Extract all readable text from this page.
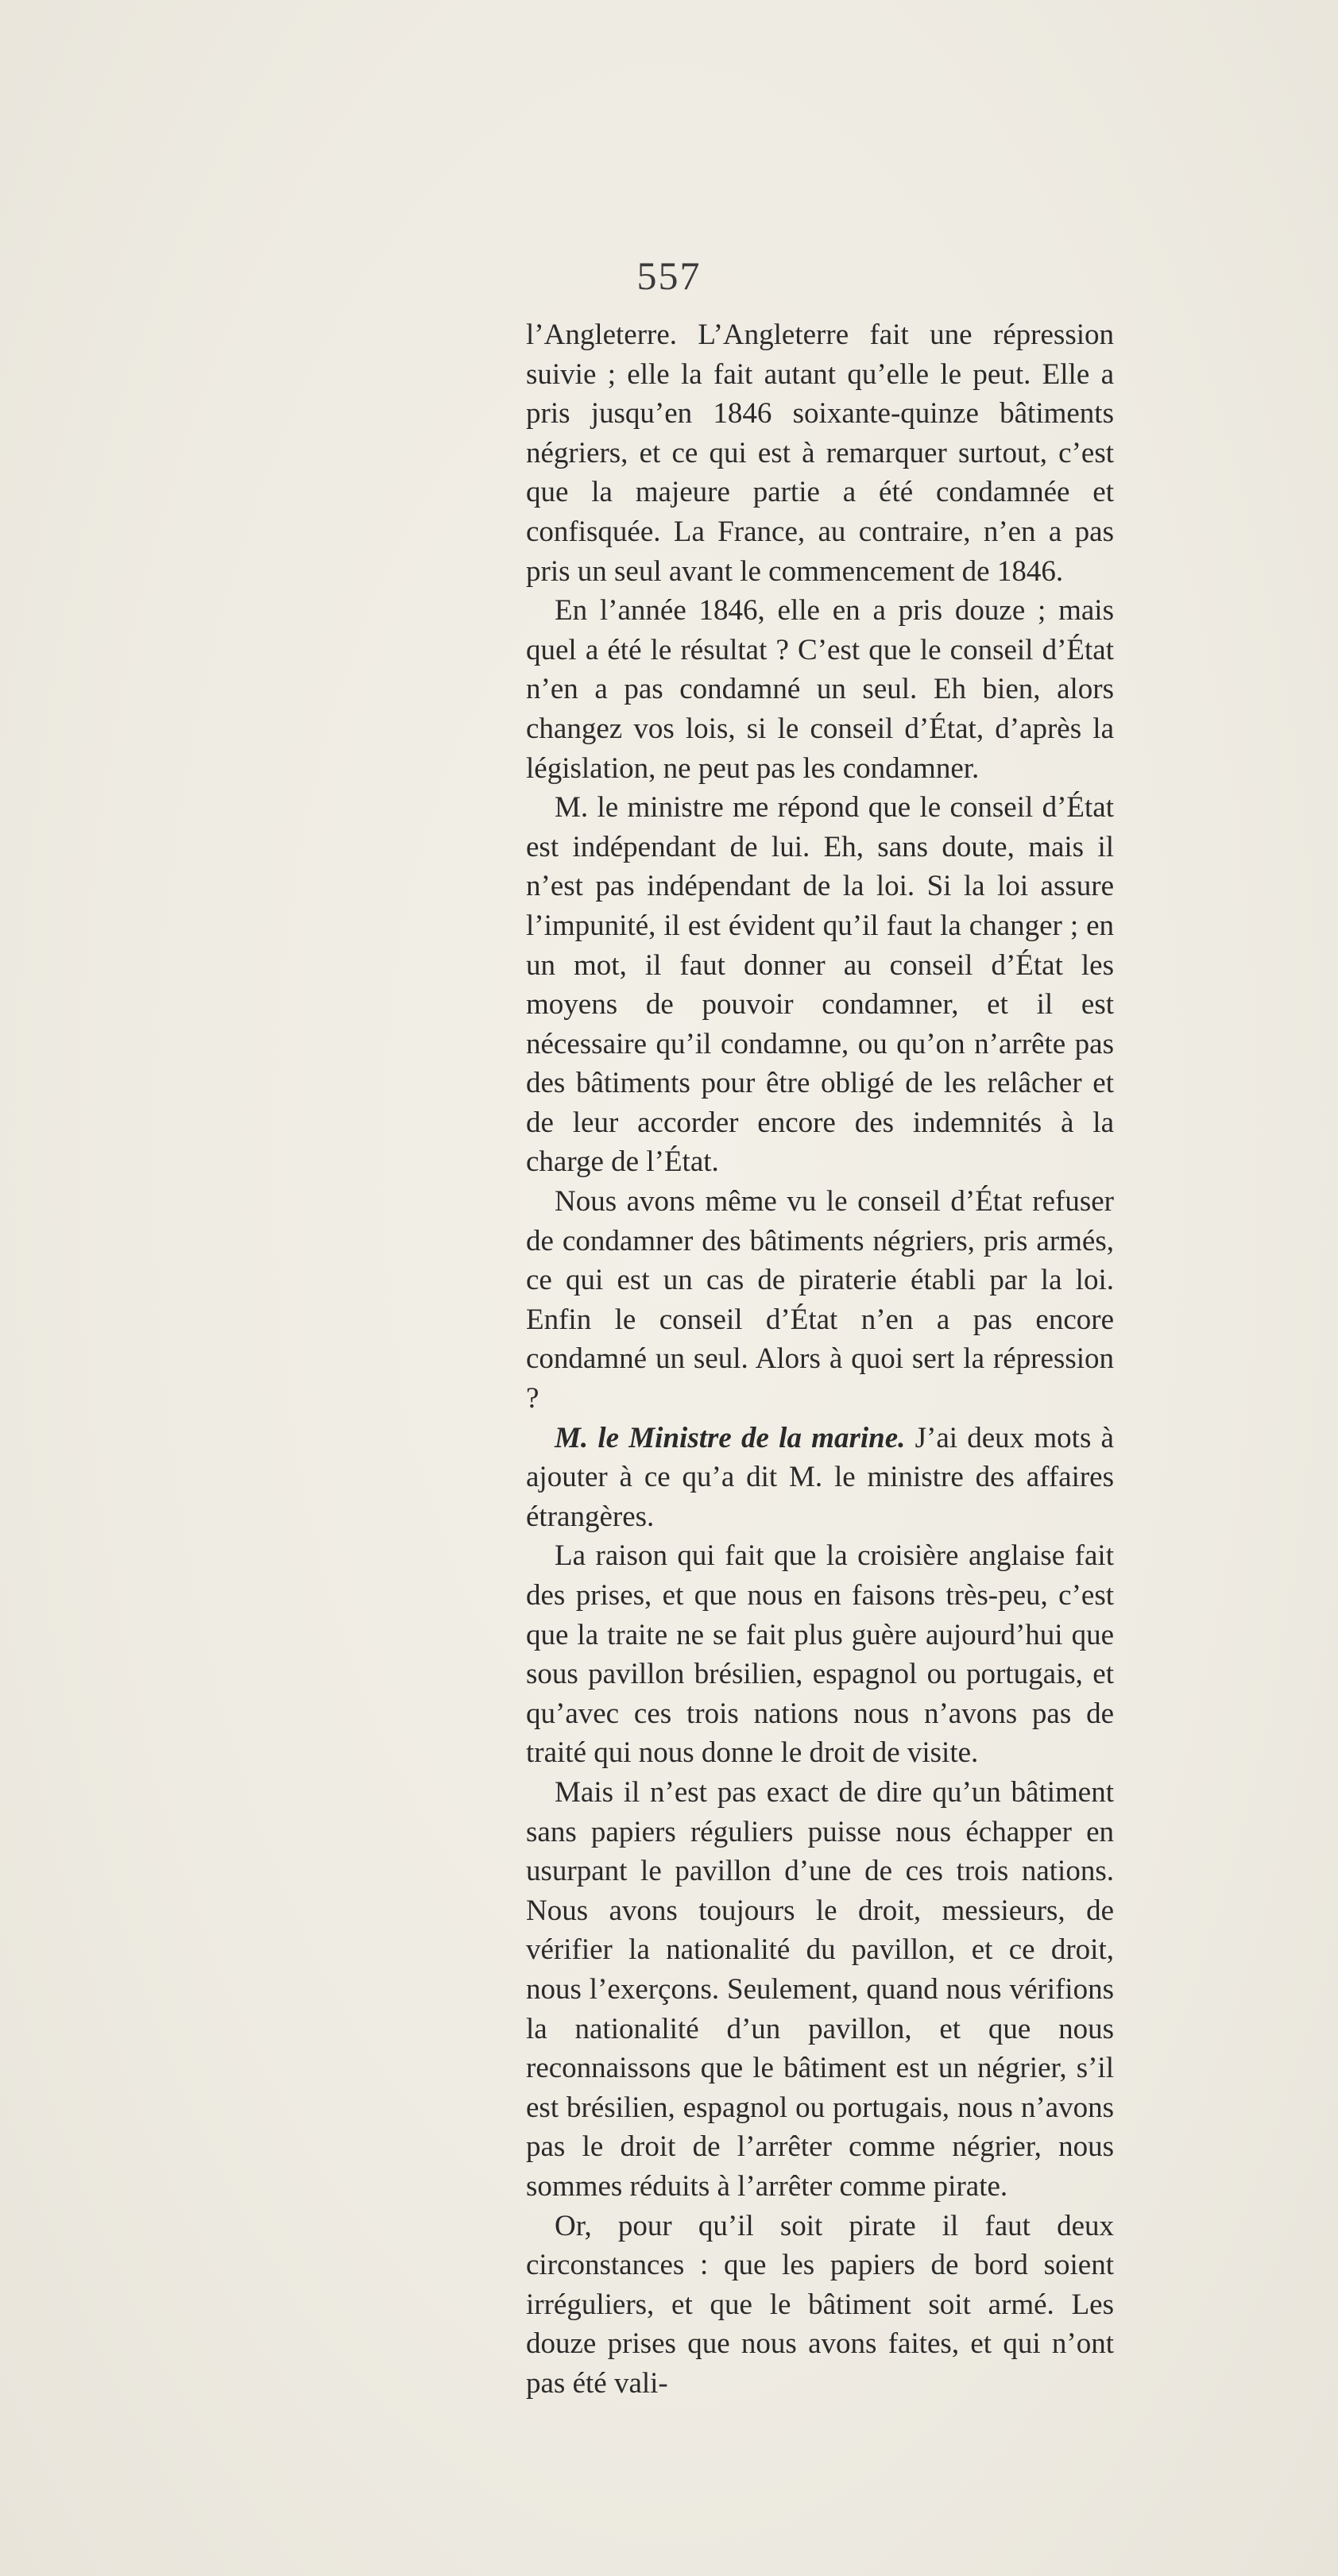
557

l’Angleterre. L’Angleterre fait une répression suivie ; elle la fait autant qu’elle le peut. Elle a pris jusqu’en 1846 soixante-quinze bâtiments négriers, et ce qui est à remarquer surtout, c’est que la majeure partie a été condamnée et confisquée. La France, au contraire, n’en a pas pris un seul avant le commencement de 1846.

En l’année 1846, elle en a pris douze ; mais quel a été le résultat ? C’est que le conseil d’État n’en a pas condamné un seul. Eh bien, alors changez vos lois, si le conseil d’État, d’après la législation, ne peut pas les condamner.

M. le ministre me répond que le conseil d’État est indépendant de lui. Eh, sans doute, mais il n’est pas indépendant de la loi. Si la loi assure l’impunité, il est évident qu’il faut la changer ; en un mot, il faut donner au conseil d’État les moyens de pouvoir condamner, et il est nécessaire qu’il condamne, ou qu’on n’arrête pas des bâtiments pour être obligé de les relâcher et de leur accorder encore des indemnités à la charge de l’État.

Nous avons même vu le conseil d’État refuser de condamner des bâtiments négriers, pris armés, ce qui est un cas de piraterie établi par la loi. Enfin le conseil d’État n’en a pas encore condamné un seul. Alors à quoi sert la répression ?

M. le Ministre de la marine. J’ai deux mots à ajouter à ce qu’a dit M. le ministre des affaires étrangères.

La raison qui fait que la croisière anglaise fait des prises, et que nous en faisons très-peu, c’est que la traite ne se fait plus guère aujourd’hui que sous pavillon brésilien, espagnol ou portugais, et qu’avec ces trois nations nous n’avons pas de traité qui nous donne le droit de visite.

Mais il n’est pas exact de dire qu’un bâtiment sans papiers réguliers puisse nous échapper en usurpant le pavillon d’une de ces trois nations. Nous avons toujours le droit, messieurs, de vérifier la nationalité du pavillon, et ce droit, nous l’exerçons. Seulement, quand nous vérifions la nationalité d’un pavillon, et que nous reconnaissons que le bâtiment est un négrier, s’il est brésilien, espagnol ou portugais, nous n’avons pas le droit de l’arrêter comme négrier, nous sommes réduits à l’arrêter comme pirate.

Or, pour qu’il soit pirate il faut deux circonstances : que les papiers de bord soient irréguliers, et que le bâtiment soit armé. Les douze prises que nous avons faites, et qui n’ont pas été vali-
